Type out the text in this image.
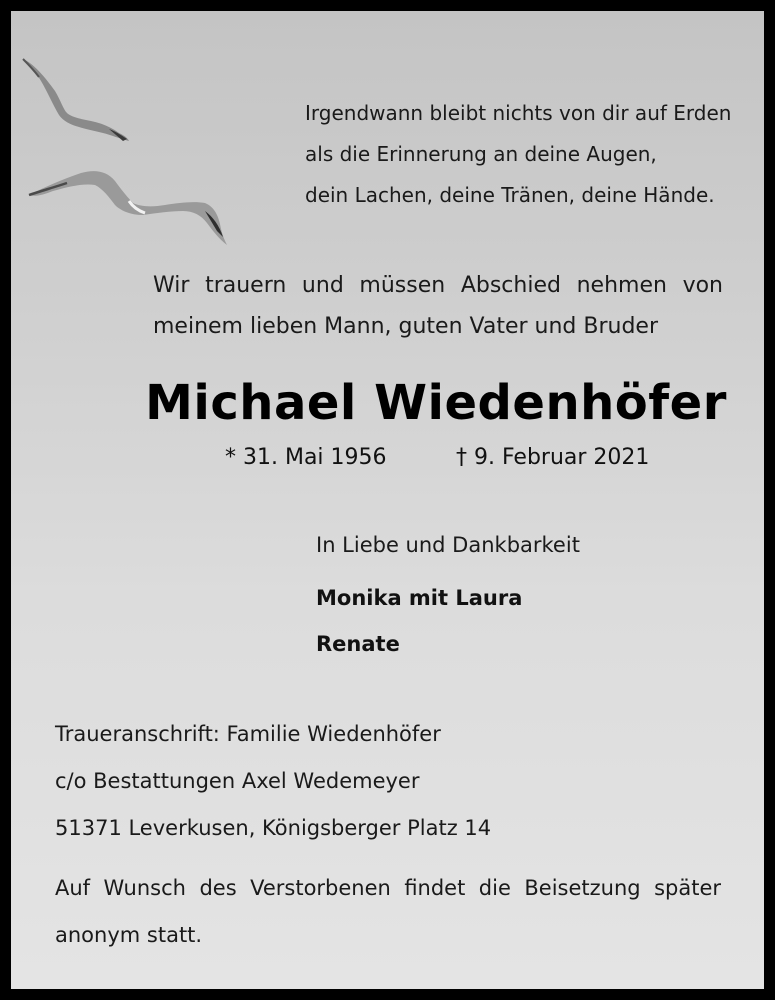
Irgendwann bleibt nichts von dir auf Erden
als die Erinnerung an deine Augen,
dein Lachen, deine Tränen, deine Hände.
Wir trauern und müssen Abschied nehmen von
meinem lieben Mann, guten Vater und Bruder
Michael Wiedenhöfer
* 31. Mai 1956	† 9. Februar 2021
In Liebe und Dankbarkeit
Monika mit Laura
Renate
Traueranschrift: Familie Wiedenhöfer
c/o Bestattungen Axel Wedemeyer
51371 Leverkusen, Königsberger Platz 14
Auf Wunsch des Verstorbenen findet die Beisetzung später
anonym statt.
